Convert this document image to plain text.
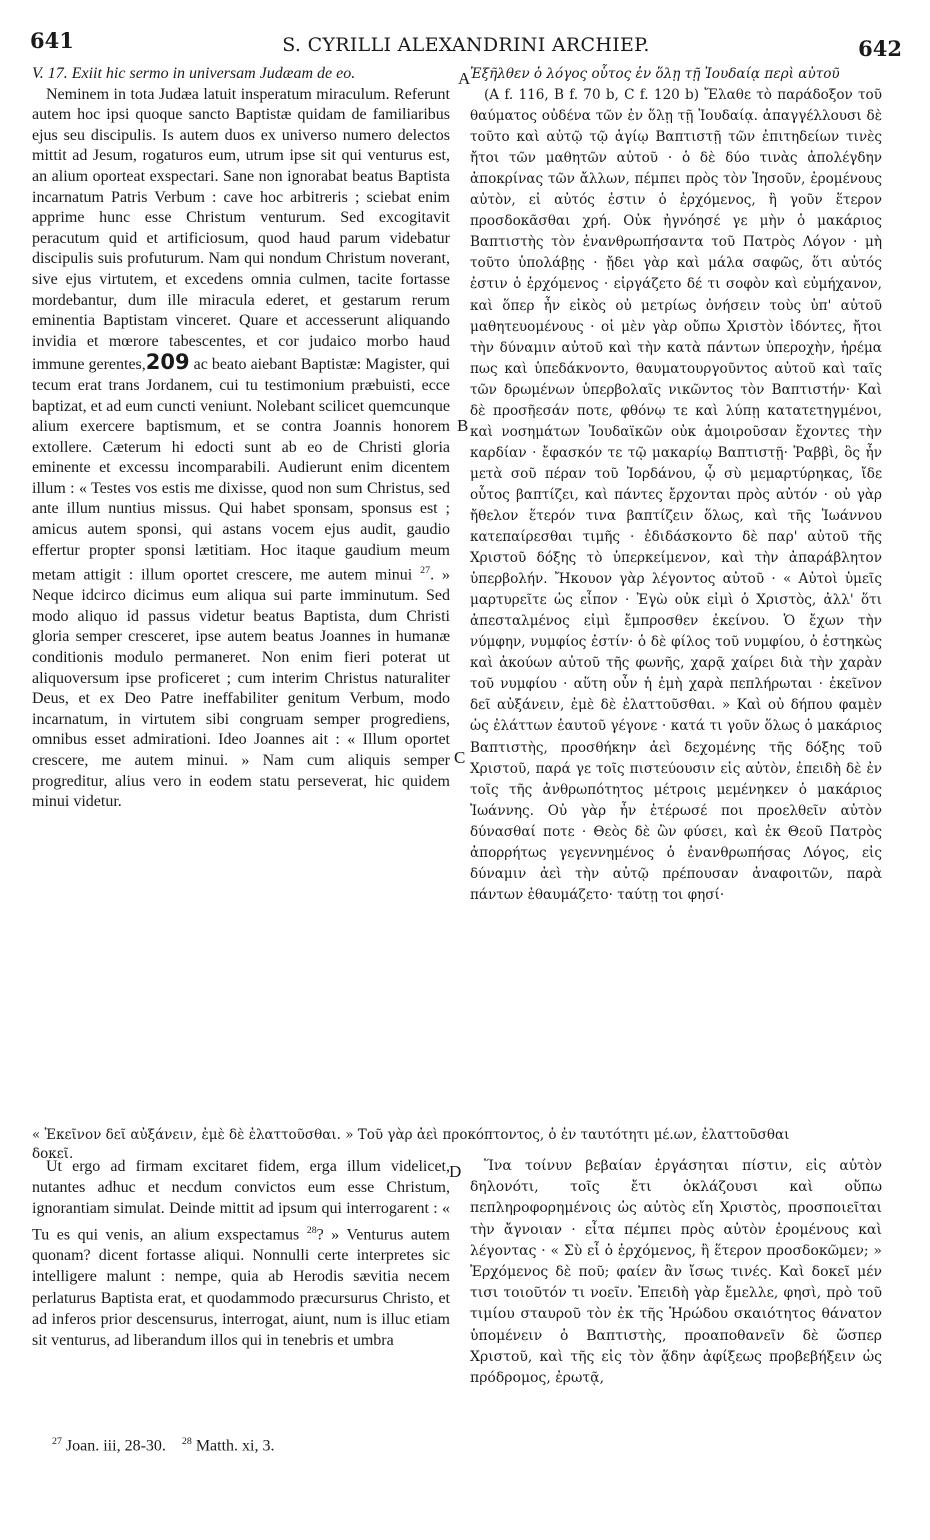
641	S. CYRILLI ALEXANDRINI ARCHIEP.	642

V. 17. Exiit hic sermo in universam Judæam de eo.

Neminem in tota Judæa latuit insperatum miraculum. Referunt autem hoc ipsi quoque sancto Baptistæ quidam de familiaribus ejus seu discipulis. Is autem duos ex universo numero delectos mittit ad Jesum, rogaturos eum, utrum ipse sit qui venturus est, an alium oporteat exspectari. Sane non ignorabat beatus Baptista incarnatum Patris Verbum : cave hoc arbitreris ; sciebat enim apprime hunc esse Christum venturum. Sed excogitavit peracutum quid et artificiosum, quod haud parum videbatur discipulis suis profuturum. Nam qui nondum Christum noverant, sive ejus virtutem, et excedens omnia culmen, tacite fortasse mordebantur, dum ille miracula ederet, et gestarum rerum eminentia Baptistam vinceret. Quare et accesserunt aliquando invidia et mœrore tabescentes, et cor judaico morbo haud immune gerentes,209 ac beato aiebant Baptistæ: Magister, qui tecum erat trans Jordanem, cui tu testimonium præbuisti, ecce baptizat, et ad eum cuncti veniunt. Nolebant scilicet quemcunque alium exercere baptismum, et se contra Joannis honorem extollere. Cæterum hi edocti sunt ab eo de Christi gloria eminente et excessu incomparabili. Audierunt enim dicentem illum : « Testes vos estis me dixisse, quod non sum Christus, sed ante illum nuntius missus. Qui habet sponsam, sponsus est ; amicus autem sponsi, qui astans vocem ejus audit, gaudio effertur propter sponsi lætitiam. Hoc itaque gaudium meum metam attigit : illum oportet crescere, me autem minui $^{27}$. » Neque idcirco dicimus eum aliqua sui parte imminutum. Sed modo aliquo id passus videtur beatus Baptista, dum Christi gloria semper cresceret, ipse autem beatus Joannes in humanæ conditionis modulo permaneret. Non enim fieri poterat ut aliquoversum ipse proficeret ; cum interim Christus naturaliter Deus, et ex Deo Patre ineffabiliter genitum Verbum, modo incarnatum, in virtutem sibi congruam semper progrediens, omnibus esset admirationi. Ideo Joannes ait : « Illum oportet crescere, me autem minui. » Nam cum aliquis semper progreditur, alius vero in eodem statu perseverat, hic quidem minui videtur.

Ἐξῆλθεν ὁ λόγος οὗτος ἐν ὅλῃ τῇ Ἰουδαίᾳ περὶ αὐτοῦ

(A f. 116, B f. 70 b, C f. 120 b) Ἔλαθε τὸ παράδοξον τοῦ θαύματος οὐδένα τῶν ἐν ὅλῃ τῇ Ἰουδαίᾳ. ἀπαγγέλλουσι δὲ τοῦτο καὶ αὐτῷ τῷ ἁγίῳ Βαπτιστῇ τῶν ἐπιτηδείων τινὲς ἤτοι τῶν μαθητῶν αὐτοῦ · ὁ δὲ δύο τινὰς ἀπολέγδην ἀποκρίνας τῶν ἄλλων, πέμπει πρὸς τὸν Ἰησοῦν, ἐρομένους αὐτὸν, εἰ αὐτός ἐστιν ὁ ἐρχόμενος, ἢ γοῦν ἕτερον προσδοκᾶσθαι χρή. Οὐκ ἠγνόησέ γε μὴν ὁ μακάριος Βαπτιστὴς τὸν ἐνανθρωπήσαντα τοῦ Πατρὸς Λόγον · μὴ τοῦτο ὑπολάβῃς · ᾔδει γὰρ καὶ μάλα σαφῶς, ὅτι αὐτός ἐστιν ὁ ἐρχόμενος · εἰργάζετο δέ τι σοφὸν καὶ εὐμήχανον, καὶ ὅπερ ἦν εἰκὸς οὐ μετρίως ὀνήσειν τοὺς ὑπ' αὐτοῦ μαθητευομένους · οἱ μὲν γὰρ οὔπω Χριστὸν ἰδόντες, ἤτοι τὴν δύναμιν αὐτοῦ καὶ τὴν κατὰ πάντων ὑπεροχὴν, ἠρέμα πως καὶ ὑπεδάκνοντο, θαυματουργοῦντος αὐτοῦ καὶ ταῖς τῶν δρωμένων ὑπερβολαῖς νικῶντος τὸν Βαπτιστήν· Καὶ δὲ προσῆεσάν ποτε, φθόνῳ τε καὶ λύπῃ κατατετηγμένοι, καὶ νοσημάτων Ἰουδαϊκῶν οὐκ ἀμοιροῦσαν ἔχοντες τὴν καρδίαν · ἔφασκόν τε τῷ μακαρίῳ Βαπτιστῇ· Ῥαββὶ, ὃς ἦν μετὰ σοῦ πέραν τοῦ Ἰορδάνου, ᾧ σὺ μεμαρτύρηκας, ἴδε οὗτος βαπτίζει, καὶ πάντες ἔρχονται πρὸς αὐτόν · οὐ γὰρ ἤθελον ἕτερόν τινα βαπτίζειν ὅλως, καὶ τῆς Ἰωάννου κατεπαίρεσθαι τιμῆς · ἐδιδάσκοντο δὲ παρ' αὐτοῦ τῆς Χριστοῦ δόξης τὸ ὑπερκείμενον, καὶ τὴν ἀπαράβλητον ὑπερβολήν. Ἤκουον γὰρ λέγοντος αὐτοῦ · « Αὐτοὶ ὑμεῖς μαρτυρεῖτε ὡς εἶπον · Ἐγὼ οὐκ εἰμὶ ὁ Χριστὸς, ἀλλ' ὅτι ἀπεσταλμένος εἰμὶ ἔμπροσθεν ἐκείνου. Ὁ ἔχων τὴν νύμφην, νυμφίος ἐστίν· ὁ δὲ φίλος τοῦ νυμφίου, ὁ ἑστηκὼς καὶ ἀκούων αὐτοῦ τῆς φωνῆς, χαρᾷ χαίρει διὰ τὴν χαρὰν τοῦ νυμφίου · αὕτη οὖν ἡ ἐμὴ χαρὰ πεπλήρωται · ἐκεῖνον δεῖ αὐξάνειν, ἐμὲ δὲ ἐλαττοῦσθαι. » Καὶ οὐ δήπου φαμὲν ὡς ἐλάττων ἑαυτοῦ γέγονε · κατά τι γοῦν ὅλως ὁ μακάριος Βαπτιστὴς, προσθήκην ἀεὶ δεχομένης τῆς δόξης τοῦ Χριστοῦ, παρά γε τοῖς πιστεύουσιν εἰς αὐτὸν, ἐπειδὴ δὲ ἐν τοῖς τῆς ἀνθρωπότητος μέτροις μεμένηκεν ὁ μακάριος Ἰωάννης. Οὐ γὰρ ἦν ἑτέρωσέ ποι προελθεῖν αὐτὸν δύνασθαί ποτε · Θεὸς δὲ ὢν φύσει, καὶ ἐκ Θεοῦ Πατρὸς ἀπορρήτως γεγεννημένος ὁ ἐνανθρωπήσας Λόγος, εἰς δύναμιν ἀεὶ τὴν αὐτῷ πρέπουσαν ἀναφοιτῶν, παρὰ πάντων ἐθαυμάζετο· ταύτῃ τοι φησί·

« Ἐκεῖνον δεῖ αὐξάνειν, ἐμὲ δὲ ἐλαττοῦσθαι. » Τοῦ γὰρ ἀεὶ προκόπτοντος, ὁ ἐν ταυτότητι μέ.ων, ἐλαττοῦσθαι
δοκεῖ.

Ut ergo ad firmam excitaret fidem, erga illum videlicet, nutantes adhuc et necdum convictos eum esse Christum, ignorantiam simulat. Deinde mittit ad ipsum qui interrogarent : « Tu es qui venis, an alium exspectamus $^{28}$? » Venturus autem quonam? dicent fortasse aliqui. Nonnulli certe interpretes sic intelligere malunt : nempe, quia ab Herodis sævitia necem perlaturus Baptista erat, et quodammodo præcursurus Christo, et ad inferos prior descensurus, interrogat, aiunt, num is illuc etiam sit venturus, ad liberandum illos qui in tenebris et umbra

Ἵνα τοίνυν βεβαίαν ἐργάσηται πίστιν, εἰς αὐτὸν δηλονότι, τοῖς ἔτι ὀκλάζουσι καὶ οὔπω πεπληροφορημένοις ὡς αὐτὸς εἴη Χριστὸς, προσποιεῖται τὴν ἄγνοιαν · εἶτα πέμπει πρὸς αὐτὸν ἐρομένους καὶ λέγοντας · « Σὺ εἶ ὁ ἐρχόμενος, ἢ ἕτερον προσδοκῶμεν; » Ἐρχόμενος δὲ ποῦ; φαίεν ἂν ἴσως τινές. Καὶ δοκεῖ μέν τισι τοιοῦτόν τι νοεῖν. Ἐπειδὴ γὰρ ἔμελλε, φησὶ, πρὸ τοῦ τιμίου σταυροῦ τὸν ἐκ τῆς Ἡρώδου σκαιότητος θάνατον ὑπομένειν ὁ Βαπτιστὴς, προαποθανεῖν δὲ ὥσπερ Χριστοῦ, καὶ τῆς εἰς τὸν ᾅδην ἀφίξεως προβεβήξειν ὡς πρόδρομος, ἐρωτᾷ,

A
B
C
D
$^{27}$ Joan. iii, 28-30. $^{28}$ Matth. xi, 3.
